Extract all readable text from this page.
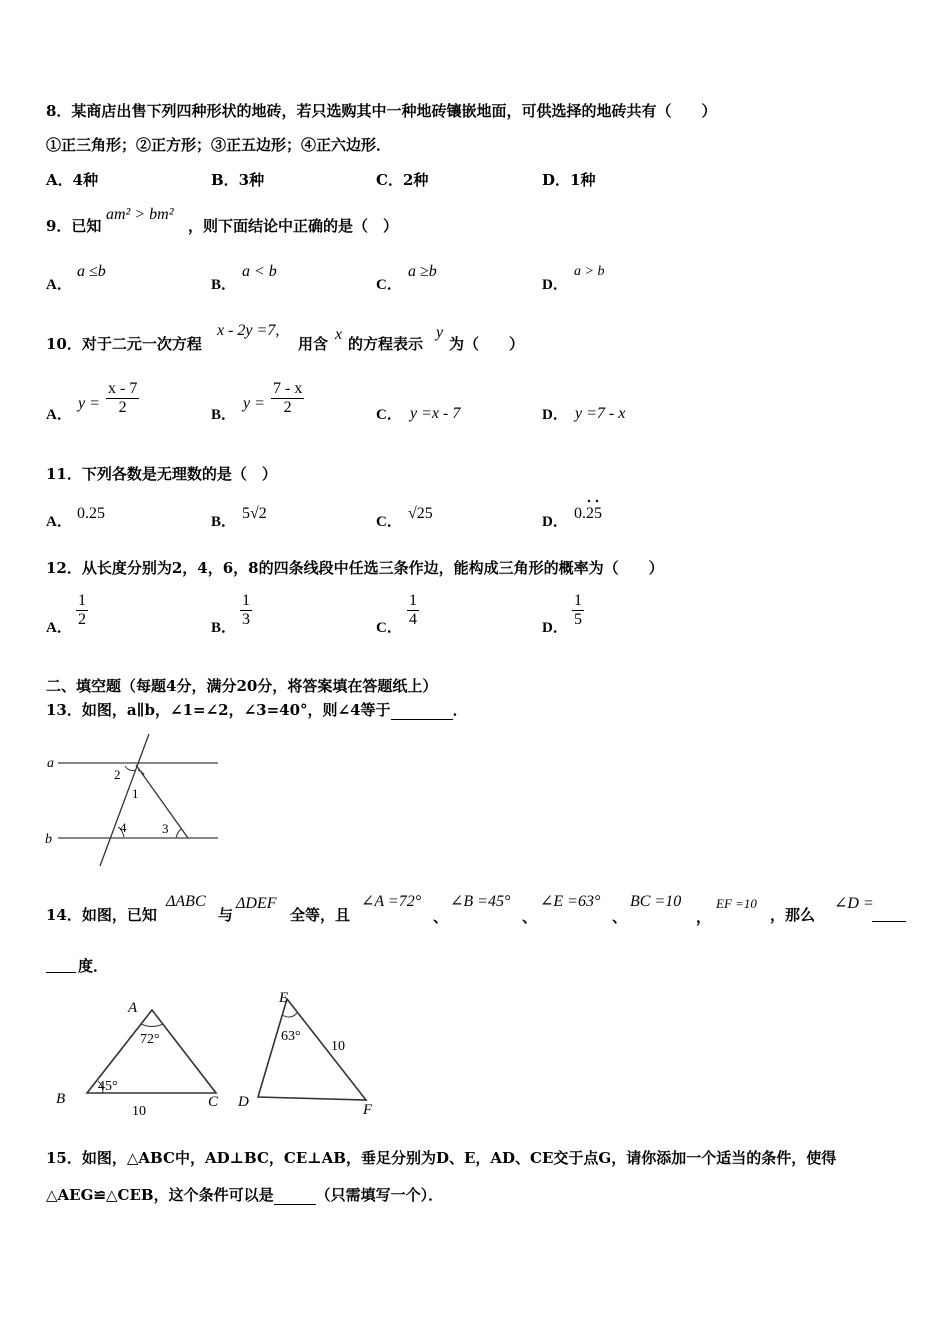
8．某商店出售下列四种形状的地砖，若只选购其中一种地砖镶嵌地面，可供选择的地砖共有（　　）
①正三角形；②正方形；③正五边形；④正六边形．
A．4种	B．3种	C．2种	D．1种
9．已知
am² > bm²
，则下面结论中正确的是（　）
A．
a ≤b
B．
a < b
C．
a ≥b
D．
a > b
10．对于二元一次方程
x - 2y =7,
用含
x
的方程表示
y
为（　　）
A．
$y = \frac{x - 7}{2}$	B．
$y = \frac{7 - x}{2}$	C． y =x - 7	D． y =7 - x
11．下列各数是无理数的是（　）
A． 0.25	B． 5√2	C． √25	D． 0.25
12．从长度分别为2，4，6，8的四条线段中任选三条作边，能构成三角形的概率为（　　）
A． $\frac{1}{2}$	B． $\frac{1}{3}$	C． $\frac{1}{4}$	D． $\frac{1}{5}$
二、填空题（每题4分，满分20分，将答案填在答题纸上）
13．如图，a∥b，∠1=∠2，∠3=40°，则∠4等于	．
a
b
2
1
3
4
14．如图，已知
ΔABC
与
ΔDEF
全等，且
∠A =72°
、
∠B =45°
、
∠E =63°
、
BC =10
，
EF =10
，那么
∠D =
度．
A
B	C
72°
45°
10
E
D	F
63°
10
15．如图，△ABC中，AD⊥BC，CE⊥AB，垂足分别为D、E，AD、CE交于点G，请你添加一个适当的条件，使得
△AEG≌△CEB，这个条件可以是	（只需填写一个）．
